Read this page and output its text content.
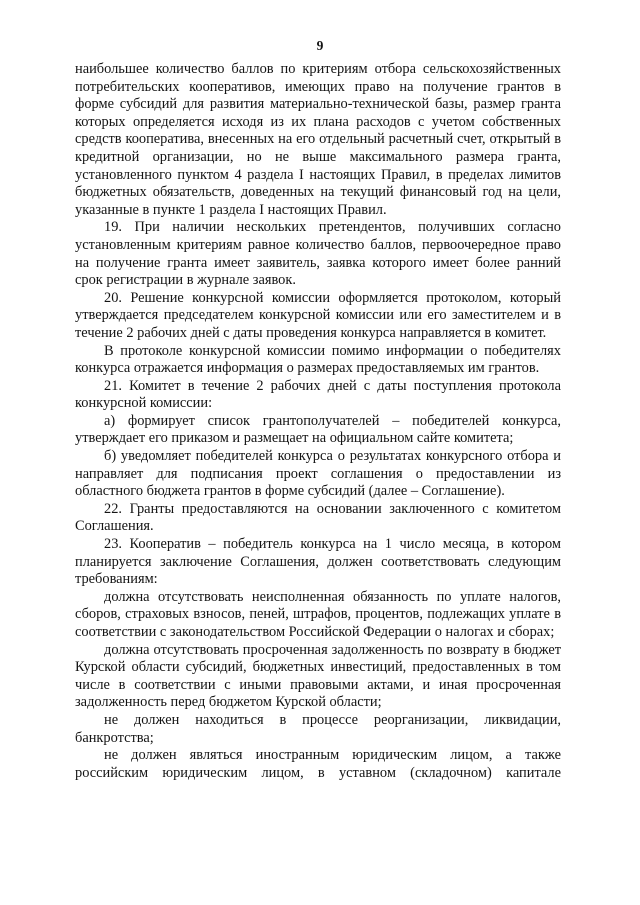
9

наибольшее количество баллов по критериям отбора сельскохозяйственных потребительских кооперативов, имеющих право на получение грантов в форме субсидий для развития материально-технической базы, размер гранта которых определяется исходя из их плана расходов с учетом собственных средств кооператива, внесенных на его отдельный расчетный счет, открытый в кредитной организации, но не выше максимального размера гранта, установленного пунктом 4 раздела I настоящих Правил, в пределах лимитов бюджетных обязательств, доведенных на текущий финансовый год на цели, указанные в пункте 1 раздела I настоящих Правил.

19. При наличии нескольких претендентов, получивших согласно установленным критериям равное количество баллов, первоочередное право на получение гранта имеет заявитель, заявка которого имеет более ранний срок регистрации в журнале заявок.

20. Решение конкурсной комиссии оформляется протоколом, который утверждается председателем конкурсной комиссии или его заместителем и в течение 2 рабочих дней с даты проведения конкурса направляется в комитет.

В протоколе конкурсной комиссии помимо информации о победителях конкурса отражается информация о размерах предоставляемых им грантов.

21. Комитет в течение 2 рабочих дней с даты поступления протокола конкурсной комиссии:

а) формирует список грантополучателей – победителей конкурса, утверждает его приказом и размещает на официальном сайте комитета;

б) уведомляет победителей конкурса о результатах конкурсного отбора и направляет для подписания проект соглашения о предоставлении из областного бюджета грантов в форме субсидий (далее – Соглашение).

22. Гранты предоставляются на основании заключенного с комитетом Соглашения.

23. Кооператив – победитель конкурса на 1 число месяца, в котором планируется заключение Соглашения, должен соответствовать следующим требованиям:

должна отсутствовать неисполненная обязанность по уплате налогов, сборов, страховых взносов, пеней, штрафов, процентов, подлежащих уплате в соответствии с законодательством Российской Федерации о налогах и сборах;

должна отсутствовать просроченная задолженность по возврату в бюджет Курской области субсидий, бюджетных инвестиций, предоставленных в том числе в соответствии с иными правовыми актами, и иная просроченная задолженность перед бюджетом Курской области;

не должен находиться в процессе реорганизации, ликвидации, банкротства;

не должен являться иностранным юридическим лицом, а также российским юридическим лицом, в уставном (складочном) капитале
